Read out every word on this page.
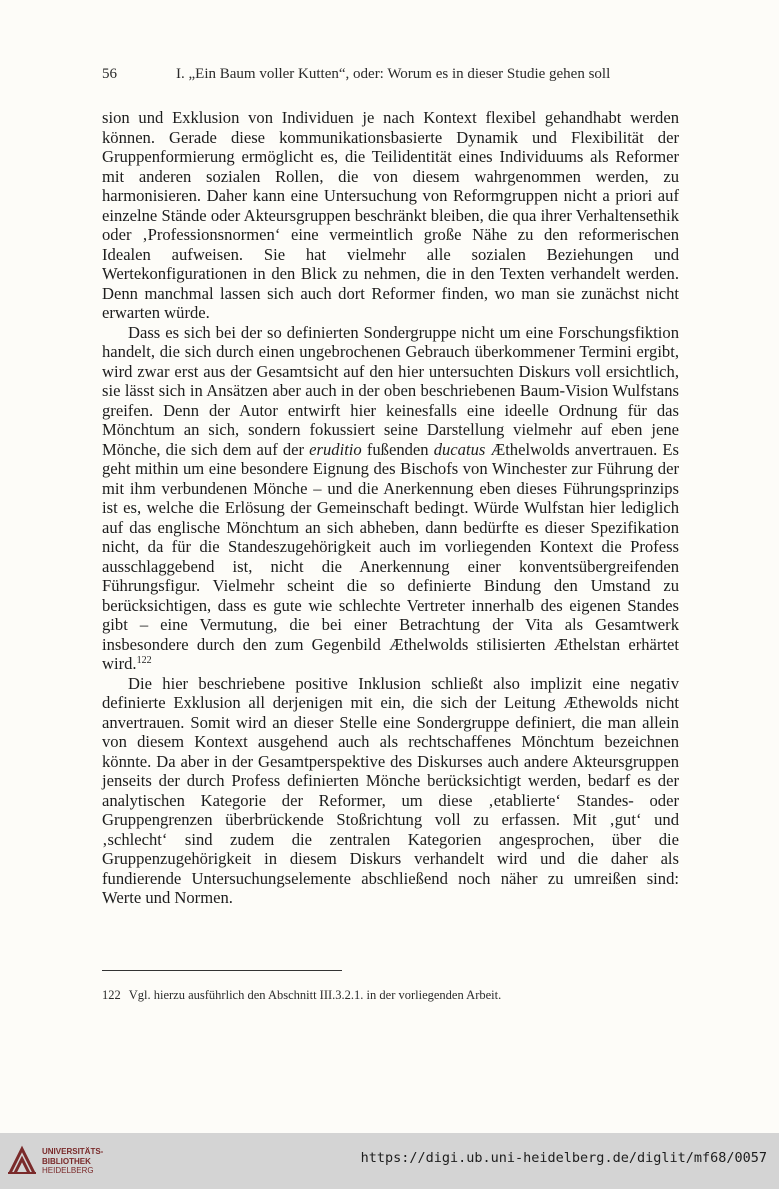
56	I. „Ein Baum voller Kutten“, oder: Worum es in dieser Studie gehen soll

sion und Exklusion von Individuen je nach Kontext flexibel gehandhabt werden können. Gerade diese kommunikationsbasierte Dynamik und Flexibilität der Gruppenformierung ermöglicht es, die Teilidentität eines Individuums als Reformer mit anderen sozialen Rollen, die von diesem wahrgenommen werden, zu harmonisieren. Daher kann eine Untersuchung von Reformgruppen nicht a priori auf einzelne Stände oder Akteursgruppen beschränkt bleiben, die qua ihrer Verhaltensethik oder ‚Professionsnormen‘ eine vermeintlich große Nähe zu den reformerischen Idealen aufweisen. Sie hat vielmehr alle sozialen Beziehungen und Wertekonfigurationen in den Blick zu nehmen, die in den Texten verhandelt werden. Denn manchmal lassen sich auch dort Reformer finden, wo man sie zunächst nicht erwarten würde.

Dass es sich bei der so definierten Sondergruppe nicht um eine Forschungsfiktion handelt, die sich durch einen ungebrochenen Gebrauch überkommener Termini ergibt, wird zwar erst aus der Gesamtsicht auf den hier untersuchten Diskurs voll ersichtlich, sie lässt sich in Ansätzen aber auch in der oben beschriebenen Baum-Vision Wulfstans greifen. Denn der Autor entwirft hier keinesfalls eine ideelle Ordnung für das Mönchtum an sich, sondern fokussiert seine Darstellung vielmehr auf eben jene Mönche, die sich dem auf der eruditio fußenden ducatus Æthelwolds anvertrauen. Es geht mithin um eine besondere Eignung des Bischofs von Winchester zur Führung der mit ihm verbundenen Mönche – und die Anerkennung eben dieses Führungsprinzips ist es, welche die Erlösung der Gemeinschaft bedingt. Würde Wulfstan hier lediglich auf das englische Mönchtum an sich abheben, dann bedürfte es dieser Spezifikation nicht, da für die Standeszugehörigkeit auch im vorliegenden Kontext die Profess ausschlaggebend ist, nicht die Anerkennung einer konventsübergreifenden Führungsfigur. Vielmehr scheint die so definierte Bindung den Umstand zu berücksichtigen, dass es gute wie schlechte Vertreter innerhalb des eigenen Standes gibt – eine Vermutung, die bei einer Betrachtung der Vita als Gesamtwerk insbesondere durch den zum Gegenbild Æthelwolds stilisierten Æthelstan erhärtet wird.$^{122}$

Die hier beschriebene positive Inklusion schließt also implizit eine negativ definierte Exklusion all derjenigen mit ein, die sich der Leitung Æthewolds nicht anvertrauen. Somit wird an dieser Stelle eine Sondergruppe definiert, die man allein von diesem Kontext ausgehend auch als rechtschaffenes Mönchtum bezeichnen könnte. Da aber in der Gesamtperspektive des Diskurses auch andere Akteursgruppen jenseits der durch Profess definierten Mönche berücksichtigt werden, bedarf es der analytischen Kategorie der Reformer, um diese ‚etablierte‘ Standes- oder Gruppengrenzen überbrückende Stoßrichtung voll zu erfassen. Mit ‚gut‘ und ‚schlecht‘ sind zudem die zentralen Kategorien angesprochen, über die Gruppenzugehörigkeit in diesem Diskurs verhandelt wird und die daher als fundierende Untersuchungselemente abschließend noch näher zu umreißen sind: Werte und Normen.

122 Vgl. hierzu ausführlich den Abschnitt III.3.2.1. in der vorliegenden Arbeit.
UNIVERSITÄTS-
BIBLIOTHEK
HEIDELBERG
https://digi.ub.uni-heidelberg.de/diglit/mf68/0057
